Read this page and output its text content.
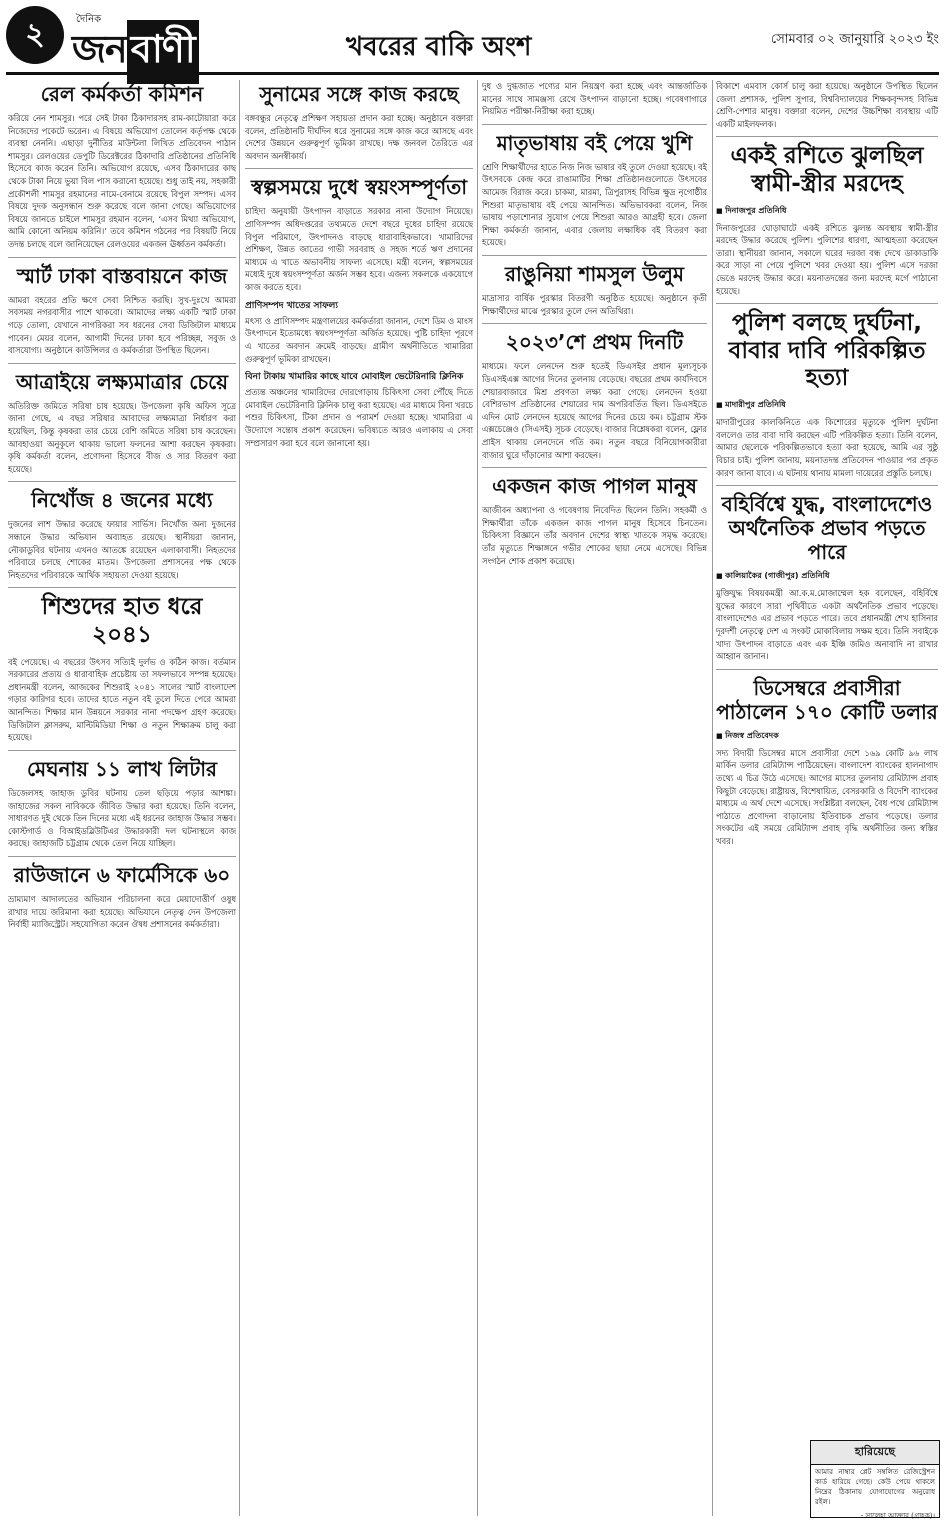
২	দৈনিক
জন বাণী	খবরের বাকি অংশ	সোমবার ০২ জানুয়ারি ২০২৩ ইং
রেল কর্মকর্তা কমিশন
করিয়ে নেন শামসুর। পরে সেই টাকা ঠিকাদারসহ রাম-কাটোয়ারা করে নিজেদের পকেটে ভরেন। এ বিষয়ে অভিযোগ তোলেন কর্তৃপক্ষ থেকে ব্যবস্থা নেননি। এছাড়া দুর্নীতির মাউন্টলা লিখিত প্রতিবেদন পাঠান শামসুর। রেলওয়ের ডেপুটি ডিরেক্টরের ঠিকাদারি প্রতিষ্ঠানের প্রতিনিধি হিসেবে কাজ করেন তিনি। অভিযোগ রয়েছে, এসব ঠিকাদারের কাছ থেকে টাকা নিয়ে ভুয়া বিল পাস করানো হয়েছে। শুধু তাই নয়, সহকারী প্রকৌশলী শামসুর রহমানের নামে-বেনামে রয়েছে বিপুল সম্পদ। এসব বিষয়ে দুদক অনুসন্ধান শুরু করেছে বলে জানা গেছে। অভিযোগের বিষয়ে জানতে চাইলে শামসুর রহমান বলেন, ‘এসব মিথ্যা অভিযোগ, আমি কোনো অনিয়ম করিনি।’ তবে কমিশন গঠনের পর বিষয়টি নিয়ে তদন্ত চলছে বলে জানিয়েছেন রেলওয়ের একজন ঊর্ধ্বতন কর্মকর্তা।
স্মার্ট ঢাকা বাস্তবায়নে কাজ
আমরা বহরের প্রতি ক্ষণে সেবা নিশ্চিত করছি। সুখ-দুঃখে আমরা সবসময় নগরবাসীর পাশে থাকবো। আমাদের লক্ষ্য একটি স্মার্ট ঢাকা গড়ে তোলা, যেখানে নাগরিকরা সব ধরনের সেবা ডিজিটাল মাধ্যমে পাবেন। মেয়র বলেন, আগামী দিনের ঢাকা হবে পরিচ্ছন্ন, সবুজ ও বাসযোগ্য। অনুষ্ঠানে কাউন্সিলর ও কর্মকর্তারা উপস্থিত ছিলেন।
আত্রাইয়ে লক্ষ্যমাত্রার চেয়ে
অতিরিক্ত জমিতে সরিষা চাষ হয়েছে। উপজেলা কৃষি অফিস সূত্রে জানা গেছে, এ বছর সরিষার আবাদের লক্ষ্যমাত্রা নির্ধারণ করা হয়েছিল, কিন্তু কৃষকরা তার চেয়ে বেশি জমিতে সরিষা চাষ করেছেন। আবহাওয়া অনুকূলে থাকায় ভালো ফলনের আশা করছেন কৃষকরা। কৃষি কর্মকর্তা বলেন, প্রণোদনা হিসেবে বীজ ও সার বিতরণ করা হয়েছে।
নিখোঁজ ৪ জনের মধ্যে
দুজনের লাশ উদ্ধার করেছে ফায়ার সার্ভিস। নিখোঁজ অন্য দুজনের সন্ধানে উদ্ধার অভিযান অব্যাহত রয়েছে। স্থানীয়রা জানান, নৌকাডুবির ঘটনায় এখনও আতঙ্কে রয়েছেন এলাকাবাসী। নিহতদের পরিবারে চলছে শোকের মাতম। উপজেলা প্রশাসনের পক্ষ থেকে নিহতদের পরিবারকে আর্থিক সহায়তা দেওয়া হয়েছে।
শিশুদের হাত ধরে ২০৪১
বই পেয়েছে। এ বছরের উৎসব সত্যিই দুর্লভ ও কঠিন কাজ। বর্তমান সরকারের প্রত্যয় ও ধারাবাহিক প্রচেষ্টায় তা সফলভাবে সম্পন্ন হয়েছে। প্রধানমন্ত্রী বলেন, আজকের শিশুরাই ২০৪১ সালের স্মার্ট বাংলাদেশ গড়ার কারিগর হবে। তাদের হাতে নতুন বই তুলে দিতে পেরে আমরা আনন্দিত। শিক্ষার মান উন্নয়নে সরকার নানা পদক্ষেপ গ্রহণ করেছে। ডিজিটাল ক্লাসরুম, মাল্টিমিডিয়া শিক্ষা ও নতুন শিক্ষাক্রম চালু করা হয়েছে।
মেঘনায় ১১ লাখ লিটার
ডিজেলসহ জাহাজ ডুবির ঘটনায় তেল ছড়িয়ে পড়ার আশঙ্কা। জাহাজের সকল নাবিককে জীবিত উদ্ধার করা হয়েছে। তিনি বলেন, সাধারণত দুই থেকে তিন দিনের মধ্যে এই ধরনের জাহাজ উদ্ধার সম্ভব। কোস্টগার্ড ও বিআইডব্লিউটিএর উদ্ধারকারী দল ঘটনাস্থলে কাজ করছে। জাহাজটি চট্টগ্রাম থেকে তেল নিয়ে যাচ্ছিল।
রাউজানে ৬ ফার্মেসিকে ৬০
ভ্রাম্যমাণ আদালতের অভিযান পরিচালনা করে মেয়াদোত্তীর্ণ ওষুধ রাখার দায়ে জরিমানা করা হয়েছে। অভিযানে নেতৃত্ব দেন উপজেলা নির্বাহী ম্যাজিস্ট্রেট। সহযোগিতা করেন ঔষধ প্রশাসনের কর্মকর্তারা।
সুনামের সঙ্গে কাজ করছে
বঙ্গবন্ধুর নেতৃত্বে প্রশিক্ষণ সহায়তা প্রদান করা হচ্ছে। অনুষ্ঠানে বক্তারা বলেন, প্রতিষ্ঠানটি দীর্ঘদিন ধরে সুনামের সঙ্গে কাজ করে আসছে এবং দেশের উন্নয়নে গুরুত্বপূর্ণ ভূমিকা রাখছে। দক্ষ জনবল তৈরিতে এর অবদান অনস্বীকার্য।
স্বল্পসময়ে দুধে স্বয়ংসম্পূর্ণতা
চাহিদা অনুযায়ী উৎপাদন বাড়াতে সরকার নানা উদ্যোগ নিয়েছে। প্রাণিসম্পদ অধিদপ্তরের তথ্যমতে দেশে বছরে দুধের চাহিদা রয়েছে বিপুল পরিমাণে, উৎপাদনও বাড়ছে ধারাবাহিকভাবে। খামারিদের প্রশিক্ষণ, উন্নত জাতের গাভী সরবরাহ ও সহজ শর্তে ঋণ প্রদানের মাধ্যমে এ খাতে অভাবনীয় সাফল্য এসেছে। মন্ত্রী বলেন, স্বল্পসময়ের মধ্যেই দুধে স্বয়ংসম্পূর্ণতা অর্জন সম্ভব হবে। এজন্য সকলকে একযোগে কাজ করতে হবে।
প্রাণিসম্পদ খাতের সাফল্য
মৎস্য ও প্রাণিসম্পদ মন্ত্রণালয়ের কর্মকর্তারা জানান, দেশে ডিম ও মাংস উৎপাদনে ইতোমধ্যে স্বয়ংসম্পূর্ণতা অর্জিত হয়েছে। পুষ্টি চাহিদা পূরণে এ খাতের অবদান ক্রমেই বাড়ছে। গ্রামীণ অর্থনীতিতে খামারিরা গুরুত্বপূর্ণ ভূমিকা রাখছেন।
বিনা টাকায় খামারির কাছে যাবে মোবাইল ভেটেরিনারি ক্লিনিক
প্রত্যন্ত অঞ্চলের খামারিদের দোরগোড়ায় চিকিৎসা সেবা পৌঁছে দিতে মোবাইল ভেটেরিনারি ক্লিনিক চালু করা হয়েছে। এর মাধ্যমে বিনা খরচে পশুর চিকিৎসা, টিকা প্রদান ও পরামর্শ দেওয়া হচ্ছে। খামারিরা এ উদ্যোগে সন্তোষ প্রকাশ করেছেন। ভবিষ্যতে আরও এলাকায় এ সেবা সম্প্রসারণ করা হবে বলে জানানো হয়।
দুধ ও দুগ্ধজাত পণ্যের মান নিয়ন্ত্রণ করা হচ্ছে এবং আন্তর্জাতিক মানের সাথে সামঞ্জস্য রেখে উৎপাদন বাড়ানো হচ্ছে। গবেষণাগারে নিয়মিত পরীক্ষা-নিরীক্ষা করা হচ্ছে।
মাতৃভাষায় বই পেয়ে খুশি
শ্রেণি শিক্ষার্থীদের হাতে নিজ নিজ ভাষার বই তুলে দেওয়া হয়েছে। বই উৎসবকে কেন্দ্র করে রাঙামাটির শিক্ষা প্রতিষ্ঠানগুলোতে উৎসবের আমেজ বিরাজ করে। চাকমা, মারমা, ত্রিপুরাসহ বিভিন্ন ক্ষুদ্র নৃগোষ্ঠীর শিশুরা মাতৃভাষায় বই পেয়ে আনন্দিত। অভিভাবকরা বলেন, নিজ ভাষায় পড়াশোনার সুযোগ পেয়ে শিশুরা আরও আগ্রহী হবে। জেলা শিক্ষা কর্মকর্তা জানান, এবার জেলায় লক্ষাধিক বই বিতরণ করা হয়েছে।
রাঙুনিয়া শামসুল উলুম
মাদ্রাসার বার্ষিক পুরস্কার বিতরণী অনুষ্ঠিত হয়েছে। অনুষ্ঠানে কৃতী শিক্ষার্থীদের মাঝে পুরস্কার তুলে দেন অতিথিরা।
২০২৩’শে প্রথম দিনটি
মাধ্যমে। ফলে লেনদেন শুরু হতেই ডিএসইর প্রধান মূল্যসূচক ডিএসইএক্স আগের দিনের তুলনায় বেড়েছে। বছরের প্রথম কার্যদিবসে শেয়ারবাজারে মিশ্র প্রবণতা লক্ষ্য করা গেছে। লেনদেন হওয়া বেশিরভাগ প্রতিষ্ঠানের শেয়ারের দাম অপরিবর্তিত ছিল। ডিএসইতে এদিন মোট লেনদেন হয়েছে আগের দিনের চেয়ে কম। চট্টগ্রাম স্টক এক্সচেঞ্জেও (সিএসই) সূচক বেড়েছে। বাজার বিশ্লেষকরা বলেন, ফ্লোর প্রাইস থাকায় লেনদেনে গতি কম। নতুন বছরে বিনিয়োগকারীরা বাজার ঘুরে দাঁড়ানোর আশা করছেন।
একজন কাজ পাগল মানুষ
আজীবন অধ্যাপনা ও গবেষণায় নিবেদিত ছিলেন তিনি। সহকর্মী ও শিক্ষার্থীরা তাঁকে একজন কাজ পাগল মানুষ হিসেবে চিনতেন। চিকিৎসা বিজ্ঞানে তাঁর অবদান দেশের স্বাস্থ্য খাতকে সমৃদ্ধ করেছে। তাঁর মৃত্যুতে শিক্ষাঙ্গনে গভীর শোকের ছায়া নেমে এসেছে। বিভিন্ন সংগঠন শোক প্রকাশ করেছে।
বিকাশে এমবাস কোর্স চালু করা হয়েছে। অনুষ্ঠানে উপস্থিত ছিলেন জেলা প্রশাসক, পুলিশ সুপার, বিশ্ববিদ্যালয়ের শিক্ষকবৃন্দসহ বিভিন্ন শ্রেণি-পেশার মানুষ। বক্তারা বলেন, দেশের উচ্চশিক্ষা ব্যবস্থায় এটি একটি মাইলফলক।
একই রশিতে ঝুলছিল স্বামী-স্ত্রীর মরদেহ
■ দিনাজপুর প্রতিনিধি
দিনাজপুরের ঘোড়াঘাটে একই রশিতে ঝুলন্ত অবস্থায় স্বামী-স্ত্রীর মরদেহ উদ্ধার করেছে পুলিশ। পুলিশের ধারণা, আত্মহত্যা করেছেন তারা। স্থানীয়রা জানান, সকালে ঘরের দরজা বন্ধ দেখে ডাকাডাকি করে সাড়া না পেয়ে পুলিশে খবর দেওয়া হয়। পুলিশ এসে দরজা ভেঙে মরদেহ উদ্ধার করে। ময়নাতদন্তের জন্য মরদেহ মর্গে পাঠানো হয়েছে।
পুলিশ বলছে দুর্ঘটনা, বাবার দাবি পরিকল্পিত হত্যা
■ মাদারীপুর প্রতিনিধি
মাদারীপুরের কালকিনিতে এক কিশোরের মৃত্যুকে পুলিশ দুর্ঘটনা বললেও তার বাবা দাবি করছেন এটি পরিকল্পিত হত্যা। তিনি বলেন, আমার ছেলেকে পরিকল্পিতভাবে হত্যা করা হয়েছে, আমি এর সুষ্ঠু বিচার চাই। পুলিশ জানায়, ময়নাতদন্ত প্রতিবেদন পাওয়ার পর প্রকৃত কারণ জানা যাবে। এ ঘটনায় থানায় মামলা দায়েরের প্রস্তুতি চলছে।
বহির্বিশ্বে যুদ্ধ, বাংলাদেশেও অর্থনৈতিক প্রভাব পড়তে পারে
■ কালিয়াকৈর (গাজীপুর) প্রতিনিধি
মুক্তিযুদ্ধ বিষয়কমন্ত্রী আ.ক.ম.মোজাম্মেল হক বলেছেন, বহির্বিশ্বে যুদ্ধের কারণে সারা পৃথিবীতে একটা অর্থনৈতিক প্রভাব পড়েছে। বাংলাদেশেও এর প্রভাব পড়তে পারে। তবে প্রধানমন্ত্রী শেখ হাসিনার দূরদর্শী নেতৃত্বে দেশ এ সংকট মোকাবিলায় সক্ষম হবে। তিনি সবাইকে খাদ্য উৎপাদন বাড়াতে এবং এক ইঞ্চি জমিও অনাবাদি না রাখার আহ্বান জানান।
ডিসেম্বরে প্রবাসীরা পাঠালেন ১৭০ কোটি ডলার
■ নিজস্ব প্রতিবেদক
সদ্য বিদায়ী ডিসেম্বর মাসে প্রবাসীরা দেশে ১৬৯ কোটি ৯৬ লাখ মার্কিন ডলার রেমিট্যান্স পাঠিয়েছেন। বাংলাদেশ ব্যাংকের হালনাগাদ তথ্যে এ চিত্র উঠে এসেছে। আগের মাসের তুলনায় রেমিট্যান্স প্রবাহ কিছুটা বেড়েছে। রাষ্ট্রায়ত্ত, বিশেষায়িত, বেসরকারি ও বিদেশি ব্যাংকের মাধ্যমে এ অর্থ দেশে এসেছে। সংশ্লিষ্টরা বলছেন, বৈধ পথে রেমিট্যান্স পাঠাতে প্রণোদনা বাড়ানোয় ইতিবাচক প্রভাব পড়েছে। ডলার সংকটের এই সময়ে রেমিট্যান্স প্রবাহ বৃদ্ধি অর্থনীতির জন্য স্বস্তির খবর।
হারিয়েছে
আমার নাম্বার প্লেট সম্বলিত রেজিস্ট্রেশন কার্ড হারিয়ে গেছে। কেউ পেয়ে থাকলে নিম্নের ঠিকানায় যোগাযোগের অনুরোধ রইল।
- সালেহা আক্তার (গ্রাহক)।
